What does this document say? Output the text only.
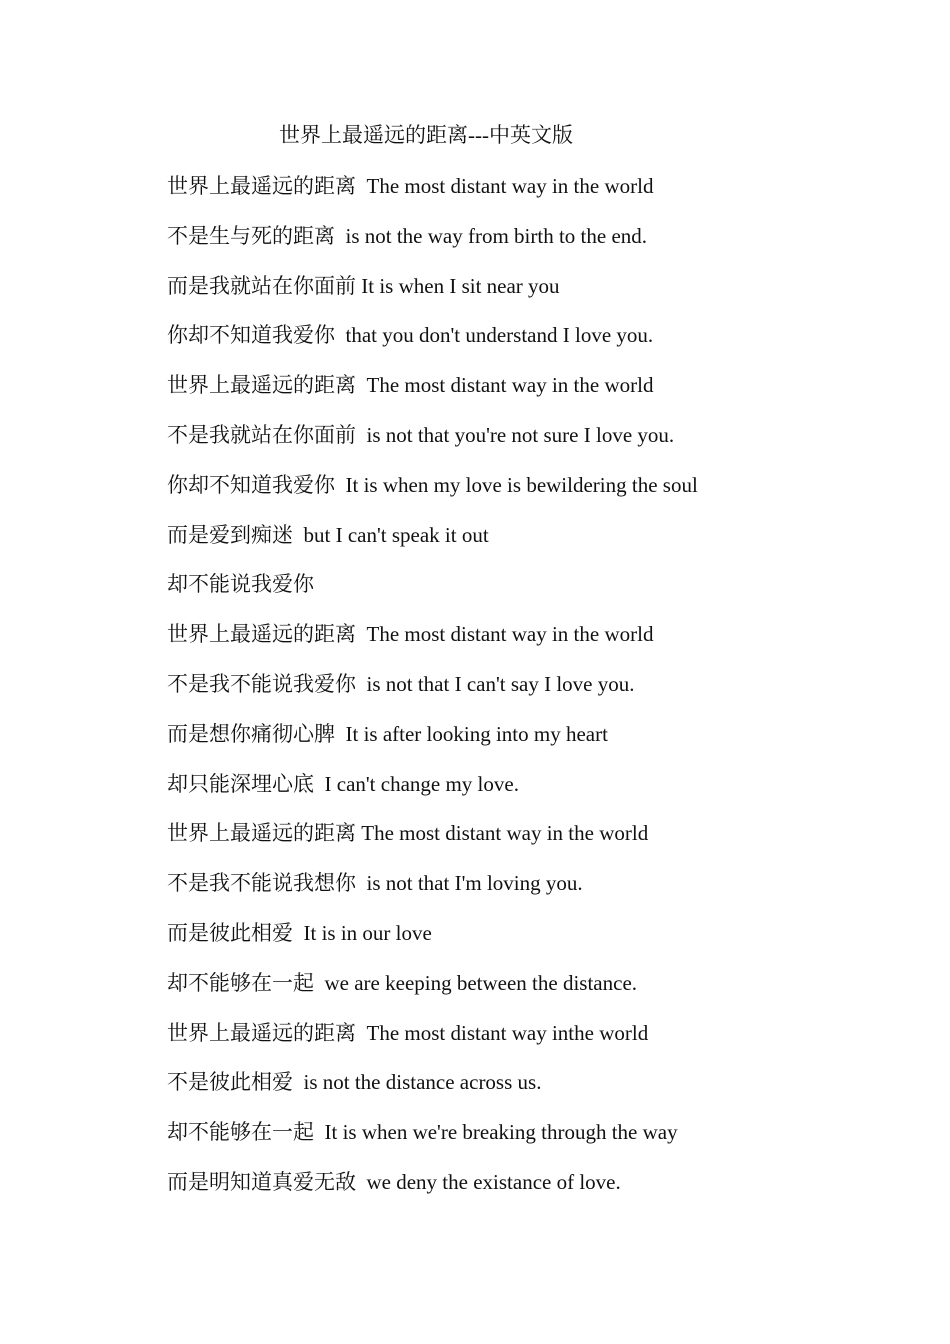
世界上最遥远的距离---中英文版
世界上最遥远的距离  The most distant way in the world
不是生与死的距离  is not the way from birth to the end.
而是我就站在你面前 It is when I sit near you
你却不知道我爱你  that you don't understand I love you.
世界上最遥远的距离  The most distant way in the world
不是我就站在你面前  is not that you're not sure I love you.
你却不知道我爱你  It is when my love is bewildering the soul
而是爱到痴迷  but I can't speak it out
却不能说我爱你
世界上最遥远的距离  The most distant way in the world
不是我不能说我爱你  is not that I can't say I love you.
而是想你痛彻心脾  It is after looking into my heart
却只能深埋心底  I can't change my love.
世界上最遥远的距离 The most distant way in the world
不是我不能说我想你  is not that I'm loving you.
而是彼此相爱  It is in our love
却不能够在一起  we are keeping between the distance.
世界上最遥远的距离  The most distant way inthe world
不是彼此相爱  is not the distance across us.
却不能够在一起  It is when we're breaking through the way
而是明知道真爱无敌  we deny the existance of love.
